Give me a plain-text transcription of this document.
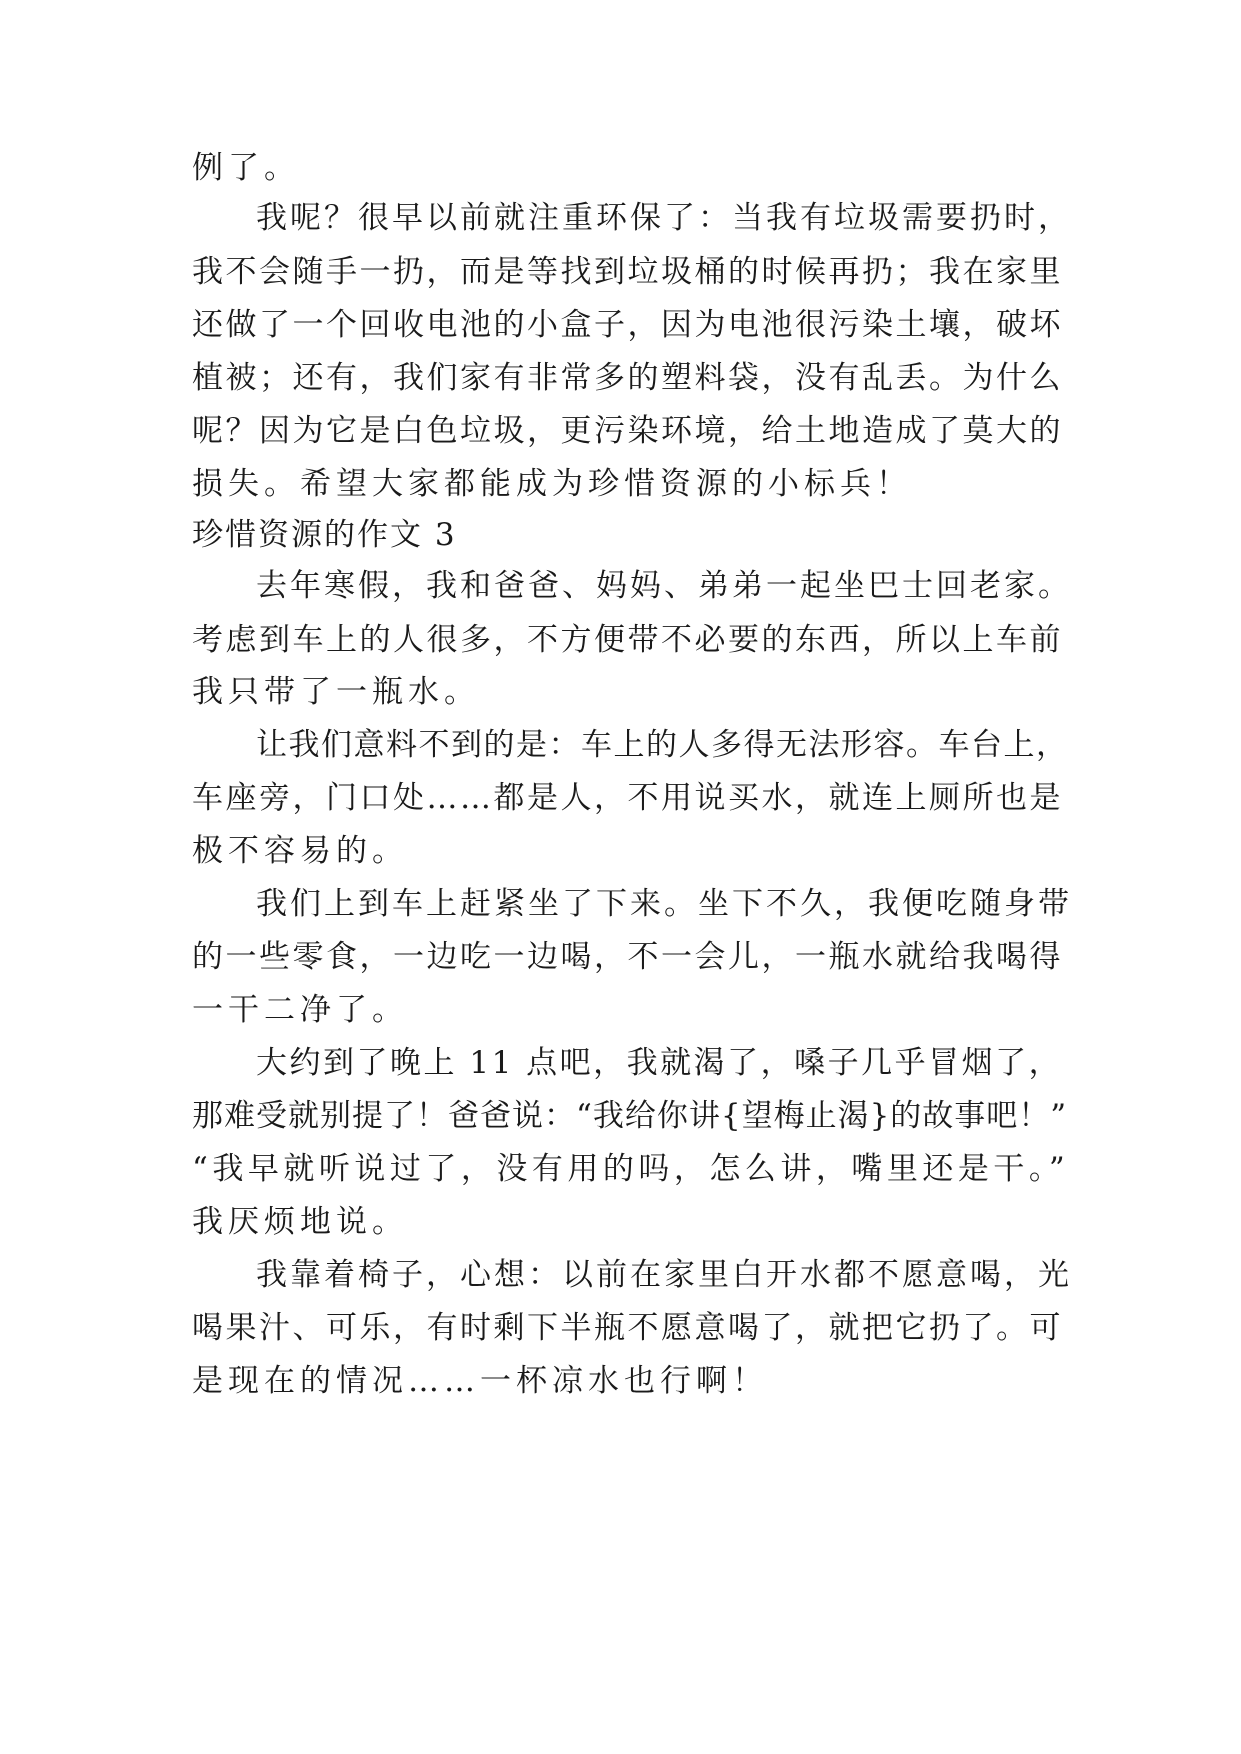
例了。
我呢？很早以前就注重环保了：当我有垃圾需要扔时，
我不会随手一扔，而是等找到垃圾桶的时候再扔；我在家里
还做了一个回收电池的小盒子，因为电池很污染土壤，破坏
植被；还有，我们家有非常多的塑料袋，没有乱丢。为什么
呢？因为它是白色垃圾，更污染环境，给土地造成了莫大的
损失。希望大家都能成为珍惜资源的小标兵！
珍惜资源的作文 3
去年寒假，我和爸爸、妈妈、弟弟一起坐巴士回老家。
考虑到车上的人很多，不方便带不必要的东西，所以上车前
我只带了一瓶水。
让我们意料不到的是：车上的人多得无法形容。车台上，
车座旁，门口处……都是人，不用说买水，就连上厕所也是
极不容易的。
我们上到车上赶紧坐了下来。坐下不久，我便吃随身带
的一些零食，一边吃一边喝，不一会儿，一瓶水就给我喝得
一干二净了。
大约到了晚上 11 点吧，我就渴了，嗓子几乎冒烟了，
那难受就别提了！爸爸说：“我给你讲{望梅止渴}的故事吧！”
“我早就听说过了，没有用的吗，怎么讲，嘴里还是干。”
我厌烦地说。
我靠着椅子，心想：以前在家里白开水都不愿意喝，光
喝果汁、可乐，有时剩下半瓶不愿意喝了，就把它扔了。可
是现在的情况……一杯凉水也行啊！
